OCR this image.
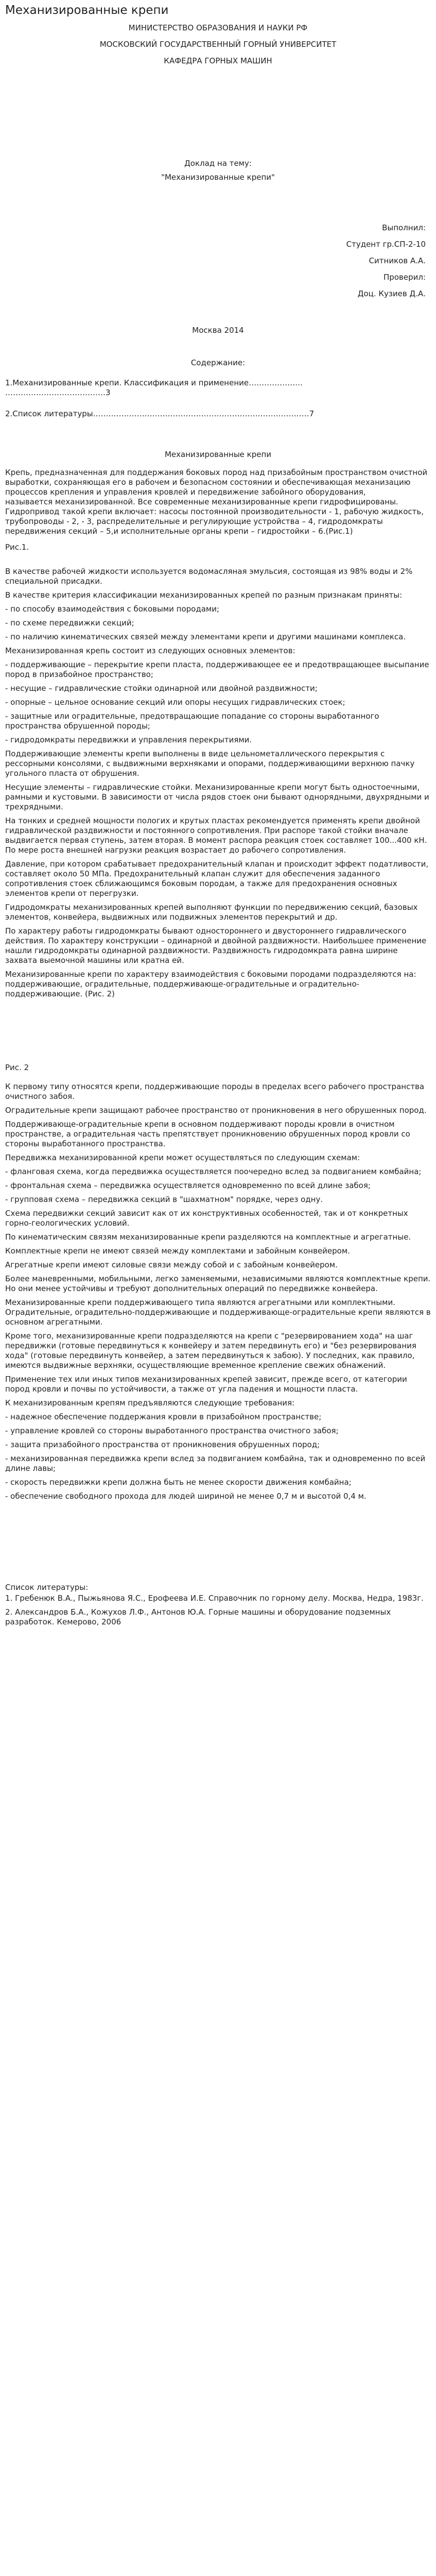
Механизированные крепи

МИНИСТЕРСТВО ОБРАЗОВАНИЯ И НАУКИ РФ

МОСКОВСКИЙ ГОСУДАРСТВЕННЫЙ ГОРНЫЙ УНИВЕРСИТЕТ

КАФЕДРА ГОРНЫХ МАШИН

Доклад на тему:

"Механизированные крепи"

Выполнил:

Студент гр.СП-2-10

Ситников А.А.

Проверил:

Доц. Кузиев Д.А.

Москва 2014

Содержание:

1.Механизированные крепи. Классификация и применение…………………

…………………………………3

2.Список литературы…………………………………………………………………………7

Механизированные крепи

Крепь, предназначенная для поддержания боковых пород над призабойным пространством очистной выработки, сохраняющая его в рабочем и безопасном состоянии и обеспечивающая механизацию процессов крепления и управления кровлей и передвижение забойного оборудования,

называется механизированной. Все современные механизированные крепи гидрофицированы. Гидропривод такой крепи включает: насосы постоянной производительности - 1, рабочую жидкость, трубопроводы - 2, - 3, распределительные и регулирующие устройства – 4, гидродомкраты передвижения секций – 5,и исполнительные органы крепи – гидростойки – 6.(Рис.1)

Рис.1.

В качестве рабочей жидкости используется водомасляная эмульсия, состоящая из 98% воды и 2% специальной присадки.

В качестве критерия классификации механизированных крепей по разным признакам приняты:

- по способу взаимодействия с боковыми породами;

- по схеме передвижки секций;

- по наличию кинематических связей между элементами крепи и другими машинами комплекса.

Механизированная крепь состоит из следующих основных элементов:

- поддерживающие – перекрытие крепи пласта, поддерживающее ее и предотвращающее высыпание пород в призабойное пространство;

- несущие – гидравлические стойки одинарной или двойной раздвижности;

- опорные – цельное основание секций или опоры несущих гидравлических стоек;

- защитные или оградительные, предотвращающие попадание со стороны выработанного пространства обрушенной породы;

- гидродомкраты передвижки и управления перекрытиями.

Поддерживающие элементы крепи выполнены в виде цельнометаллического перекрытия с рессорными консолями, с выдвижными верхняками и опорами, поддерживающими верхнюю пачку угольного пласта от обрушения.

Несущие элементы – гидравлические стойки. Механизированные крепи могут быть одностоечными, рамными и кустовыми. В зависимости от числа рядов стоек они бывают однорядными, двухрядными и трехрядными.

На тонких и средней мощности пологих и крутых пластах рекомендуется применять крепи двойной гидравлической раздвижности и постоянного сопротивления. При распоре такой стойки вначале выдвигается первая ступень, затем вторая. В момент распора реакция стоек составляет 100...400 кН. По мере роста внешней нагрузки реакция возрастает до рабочего сопротивления.

Давление, при котором срабатывает предохранительный клапан и происходит эффект податливости, составляет около 50 МПа. Предохранительный клапан служит для обеспечения заданного сопротивления стоек сближающимся боковым породам, а также для предохранения основных элементов крепи от перегрузки.

Гидродомкраты механизированных крепей выполняют функции по передвижению секций, базовых элементов, конвейера, выдвижных или подвижных элементов перекрытий и др.

По характеру работы гидродомкраты бывают одностороннего и двустороннего гидравлического действия. По характеру конструкции – одинарной и двойной раздвижности. Наибольшее применение нашли гидродомкраты одинарной раздвижности. Раздвижность гидродомкрата равна ширине захвата выемочной машины или кратна ей.

Механизированные крепи по характеру взаимодействия с боковыми породами подразделяются на: поддерживающие, оградительные, поддерживающе-оградительные и оградительно-поддерживающие. (Рис. 2)

Рис. 2

К первому типу относятся крепи, поддерживающие породы в пределах всего рабочего пространства очистного забоя.

Оградительные крепи защищают рабочее пространство от проникновения в него обрушенных пород.

Поддерживающе-оградительные крепи в основном поддерживают породы кровли в очистном пространстве, а оградительная часть препятствует проникновению обрушенных пород кровли со стороны выработанного пространства.

Передвижка механизированной крепи может осуществляться по следующим схемам:

- фланговая схема, когда передвижка осуществляется поочередно вслед за подвиганием комбайна;

- фронтальная схема – передвижка осуществляется одновременно по всей длине забоя;

- групповая схема – передвижка секций в "шахматном" порядке, через одну.

Схема передвижки секций зависит как от их конструктивных особенностей, так и от конкретных горно-геологических условий.

По кинематическим связям механизированные крепи разделяются на комплектные и агрегатные.

Комплектные крепи не имеют связей между комплектами и забойным конвейером.

Агрегатные крепи имеют силовые связи между собой и с забойным конвейером.

Более маневренными, мобильными, легко заменяемыми, независимыми являются комплектные крепи. Но они менее устойчивы и требуют дополнительных операций по передвижке конвейера.

Механизированные крепи поддерживающего типа являются агрегатными или комплектными. Оградительные, оградительно-поддерживающие и поддерживающе-оградительные крепи являются в основном агрегатными.

Кроме того, механизированные крепи подразделяются на крепи с "резервированием хода" на шаг передвижки (готовые передвинуться к конвейеру и затем передвинуть его) и "без резервирования хода" (готовые передвинуть конвейер, а затем передвинуться к забою). У последних, как правило, имеются выдвижные верхняки, осуществляющие временное крепление свежих обнажений.

Применение тех или иных типов механизированных крепей зависит, прежде всего, от категории пород кровли и почвы по устойчивости, а также от угла падения и мощности пласта.

К механизированным крепям предъявляются следующие требования:

- надежное обеспечение поддержания кровли в призабойном пространстве;

- управление кровлей со стороны выработанного пространства очистного забоя;

- защита призабойного пространства от проникновения обрушенных пород;

- механизированная передвижка крепи вслед за подвиганием комбайна, так и одновременно по всей длине лавы;

- скорость передвижки крепи должна быть не менее скорости движения комбайна;

- обеспечение свободного прохода для людей шириной не менее 0,7 м и высотой 0,4 м.

Список литературы:

1. Гребенюк В.А., Пыжьянова Я.С., Ерофеева И.Е. Справочник по горному делу. Москва, Недра, 1983г.

2. Александров Б.А., Кожухов Л.Ф., Антонов Ю.А. Горные машины и оборудование подземных разработок. Кемерово, 2006
